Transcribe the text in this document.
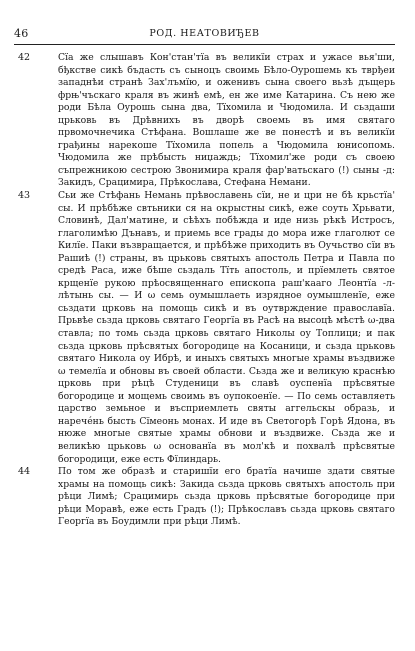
46	РОД. НЕАТОВИЂЕВ

42	Сїа же слышавъ Кон'стан'тїа въ великїи страх и ужасе вья'ши, бђкстве сикѣ бъдасть съ сыноцъ своимь Бѣло-Оурошемь къ тврђеи западнѣи странѣ Зах'лъмїю, и оженивъ сына своего вьзѣ дъщерь фрњ'чъскаго краля въ жинѣ емѣ, ен же име Катарина. Съ нею же роди Бѣла Оурошь сына два, Тїхомила и Чюдомила. И сьздаши црьковь въ Дрѣвнихъ въ дворѣ своемь въ имя святаго првомочнечика Стѣфана. Вошлаше же ве понестѣ и въ великїи грађины нарекоше Тїхомила попель а Чюдомила юнисопомь. Чюдомила же прѣбысть ниџаждь; Тїхомил'же роди съ своею съпрежникою сестрою Звонимира краля фар'ватьскаго (!) сыны -д: Закидъ, Срацимира, Прѣкослава, Стефана Немани.

43	Сьи же Стѣфань Немань прѣвославень сїи, не и цри не бѣ крьстїа' сы. И прѣбѣже свтьники ся на окрыстны сикѣ, еже соуть Хрьвати, Словинѣ, Дал'матине, и сѣѣхъ побѣжда и иде низь рѣкѣ Истросъ, глаголимѣю Дънавъ, и приемь все грады до мора иже глаголют се Килїе. Паки възвращается, и прѣбѣже приходить въ Оучьство сїи въ Рашиѣ (!) страны, въ црьковь святыхъ апостоль Петра и Павла по средѣ Раса, иже бѣше сьздаль Тїть апостоль, и прїемлеть святое крщенїе рукою прѣосвященнаго епископа раш'кааго Леонтїа -л-лѣтынь сы. — И ω семь оумышлаеть изрядное оумышленїе, еже сьздати црковь на помощь сикѣ и въ оутврждение православїа. Прьвѣе сьзда црковь святаго Георгїа въ Расѣ на высоцѣ мѣстѣ ω-два ставла; по томь сьзда црковь святаго Николы оу Топлици; и пак сьзда црковь прѣсвятых богородице на Косаници, и сьзда црьковь святаго Никола оу Ибрѣ, и иныхъ святыхъ многые храмы въздвиже ω темелїа и обновы въ своей области. Сьзда же и великую краснѣю црковь при рѣцѣ Студеници въ славѣ оуспенїа прѣсвятые богородице и мощемь своимь въ оупокоенїе. — По семь оставляеть царство земьное и въсприемлеть святы аггельскы образь, и нарече́нь бысть Сїмеонь монах. И иде въ Светогорѣ Горѣ Ядона, въ нюже многые святые храмы обнови и въздвиже. Сьзда же и великѣю црьковь ω основанїа въ мол'кѣ и похвалѣ прѣсвятые богородици, еже есть Фїлиндарь.

44	По том же образѣ и старишїи его братїа начише здати святые храмы на помощь сикѣ: Закида сьзда црковь святыхъ апостоль при рѣци Лимѣ; Срацимирь сьзда црковь прѣсвятые богородице при рѣци Моравѣ, еже есть Градъ (!); Прѣкославъ сьзда црковь святаго Георгїа въ Боудимли при рѣци Лимѣ.
